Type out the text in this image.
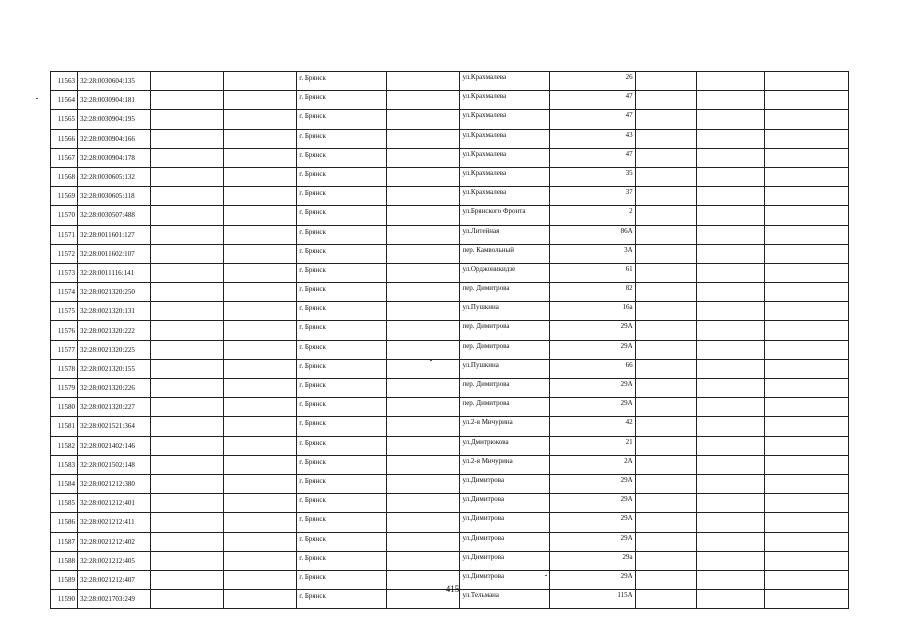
11563	32:28:0030604:135			г. Брянск		ул.Крахмалева	26			
11564	32:28:0030904:181			г. Брянск		ул.Крахмалева	47			
11565	32:28:0030904:195			г. Брянск		ул.Крахмалева	47			
11566	32:28:0030904:166			г. Брянск		ул.Крахмалева	43			
11567	32:28:0030904:178			г. Брянск		ул.Крахмалева	47			
11568	32:28:0030605:132			г. Брянск		ул.Крахмалева	35			
11569	32:28:0030605:118			г. Брянск		ул.Крахмалева	37			
11570	32:28:0030507:488			г. Брянск		ул.Брянского Фронта	2			
11571	32:28:0011601:127			г. Брянск		ул.Литейная	86А			
11572	32:28:0011602:107			г. Брянск		пер. Камвольный	3А			
11573	32:28:0011116:141			г. Брянск		ул.Орджоникидзе	61			
11574	32:28:0021320:250			г. Брянск		пер. Димитрова	82			
11575	32:28:0021320:131			г. Брянск		ул.Пушкина	16а			
11576	32:28:0021320:222			г. Брянск		пер. Димитрова	29А			
11577	32:28:0021320:225			г. Брянск		пер. Димитрова	29А			
11578	32:28:0021320:155			г. Брянск		ул.Пушкина	66			
11579	32:28:0021320:226			г. Брянск		пер. Димитрова	29А			
11580	32:28:0021320:227			г. Брянск		пер. Димитрова	29А			
11581	32:28:0021521:364			г. Брянск		ул.2-я Мичурина	42			
11582	32:28:0021402:146			г. Брянск		ул.Дмитрюкова	21			
11583	32:28:0021502:148			г. Брянск		ул.2-я Мичурина	2А			
11584	32:28:0021212:380			г. Брянск		ул.Димитрова	29А			
11585	32:28:0021212:401			г. Брянск		ул.Димитрова	29А			
11586	32:28:0021212:411			г. Брянск		ул.Димитрова	29А			
11587	32:28:0021212:402			г. Брянск		ул.Димитрова	29А			
11588	32:28:0021212:405			г. Брянск		ул.Димитрова	29а			
11589	32:28:0021212:407			г. Брянск		ул.Димитрова	29А			
11590	32:28:0021703:249			г. Брянск		ул.Тельмана	115А			
415
